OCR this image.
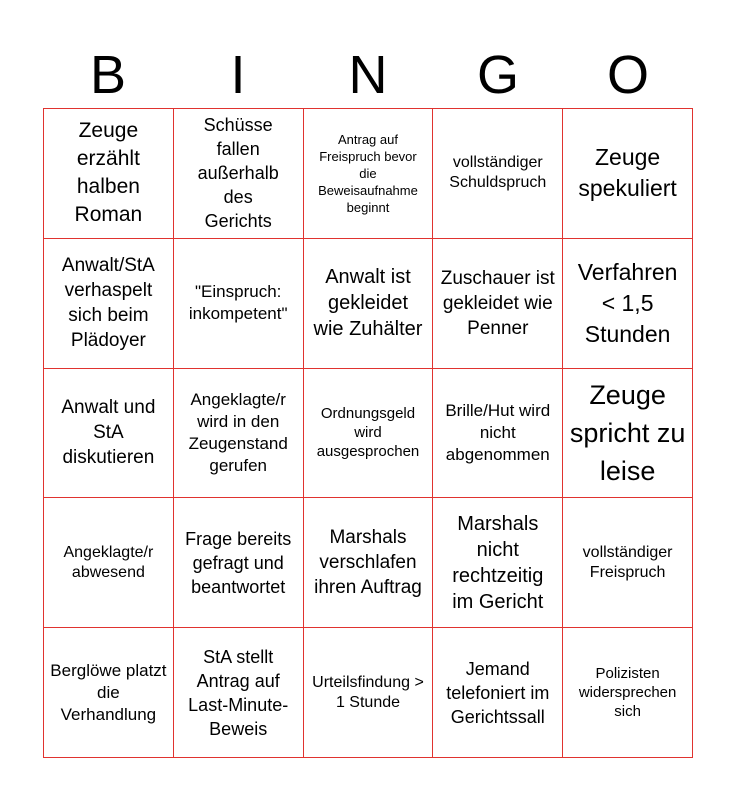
B	I	N	G	O
Zeuge erzählt halben Roman
Schüsse fallen außerhalb des Gerichts
Antrag auf Freispruch bevor die Beweisaufnahme beginnt
vollständiger Schuldspruch
Zeuge spekuliert
Anwalt/StA verhaspelt sich beim Plädoyer
"Einspruch: inkompetent"
Anwalt ist gekleidet wie Zuhälter
Zuschauer ist gekleidet wie Penner
Verfahren < 1,5 Stunden
Anwalt und StA diskutieren
Angeklagte/r wird in den Zeugenstand gerufen
Ordnungsgeld wird ausgesprochen
Brille/Hut wird nicht abgenommen
Zeuge spricht zu leise
Angeklagte/r abwesend
Frage bereits gefragt und beantwortet
Marshals verschlafen ihren Auftrag
Marshals nicht rechtzeitig im Gericht
vollständiger Freispruch
Berglöwe platzt die Verhandlung
StA stellt Antrag auf Last-Minute-Beweis
Urteilsfindung > 1 Stunde
Jemand telefoniert im Gerichtssall
Polizisten widersprechen sich
